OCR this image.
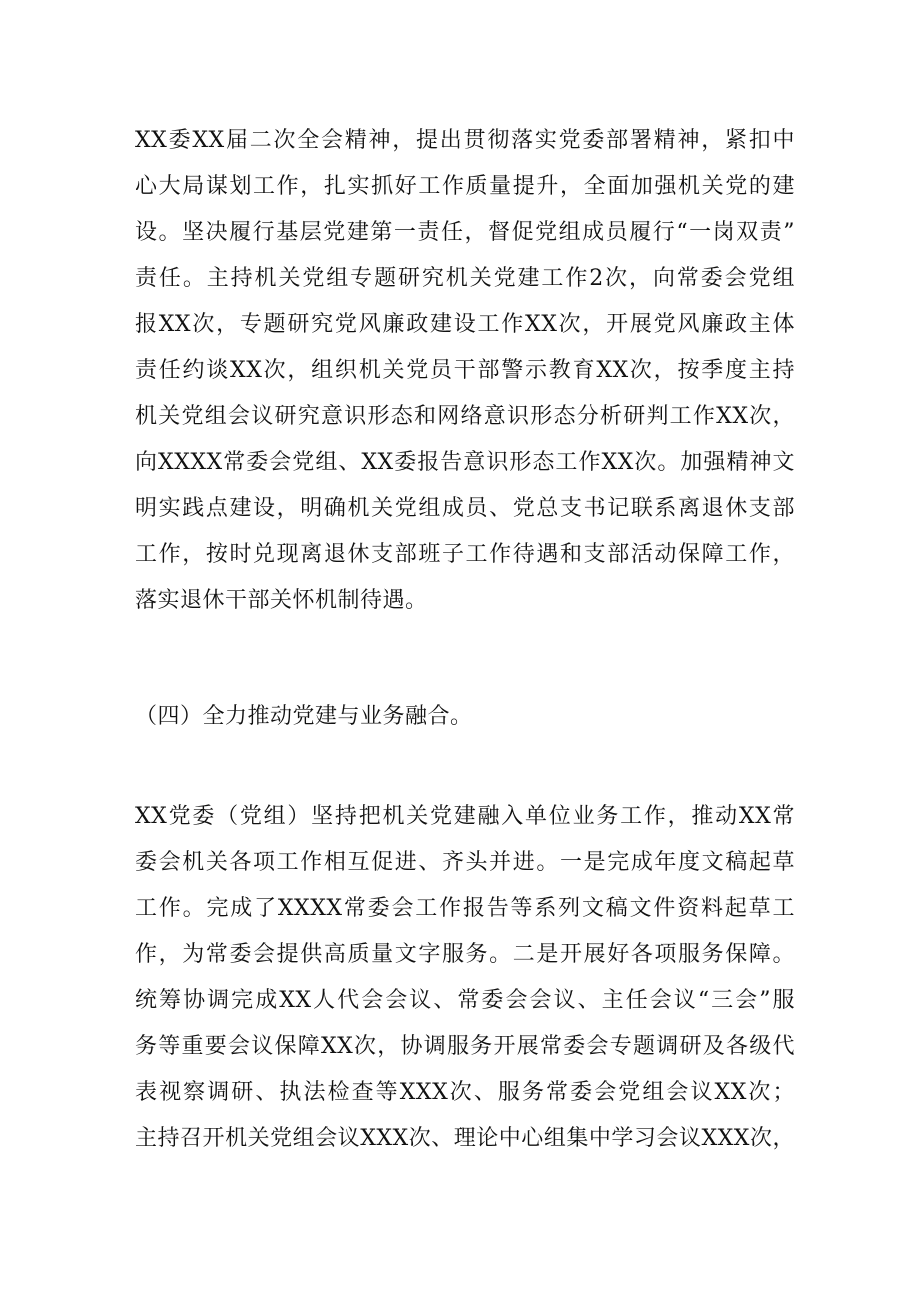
XX委XX届二次全会精神，提出贯彻落实党委部署精神，紧扣中
心大局谋划工作，扎实抓好工作质量提升，全面加强机关党的建
设。坚决履行基层党建第一责任，督促党组成员履行“一岗双责”
责任。主持机关党组专题研究机关党建工作2次，向常委会党组
报XX次，专题研究党风廉政建设工作XX次，开展党风廉政主体
责任约谈XX次，组织机关党员干部警示教育XX次，按季度主持
机关党组会议研究意识形态和网络意识形态分析研判工作XX次，
向XXXX常委会党组、XX委报告意识形态工作XX次。加强精神文
明实践点建设，明确机关党组成员、党总支书记联系离退休支部
工作，按时兑现离退休支部班子工作待遇和支部活动保障工作，
落实退休干部关怀机制待遇。
（四）全力推动党建与业务融合。
XX党委（党组）坚持把机关党建融入单位业务工作，推动XX常
委会机关各项工作相互促进、齐头并进。一是完成年度文稿起草
工作。完成了XXXX常委会工作报告等系列文稿文件资料起草工
作，为常委会提供高质量文字服务。二是开展好各项服务保障。
统筹协调完成XX人代会会议、常委会会议、主任会议“三会”服
务等重要会议保障XX次，协调服务开展常委会专题调研及各级代
表视察调研、执法检查等XXX次、服务常委会党组会议XX次；
主持召开机关党组会议XXX次、理论中心组集中学习会议XXX次，
